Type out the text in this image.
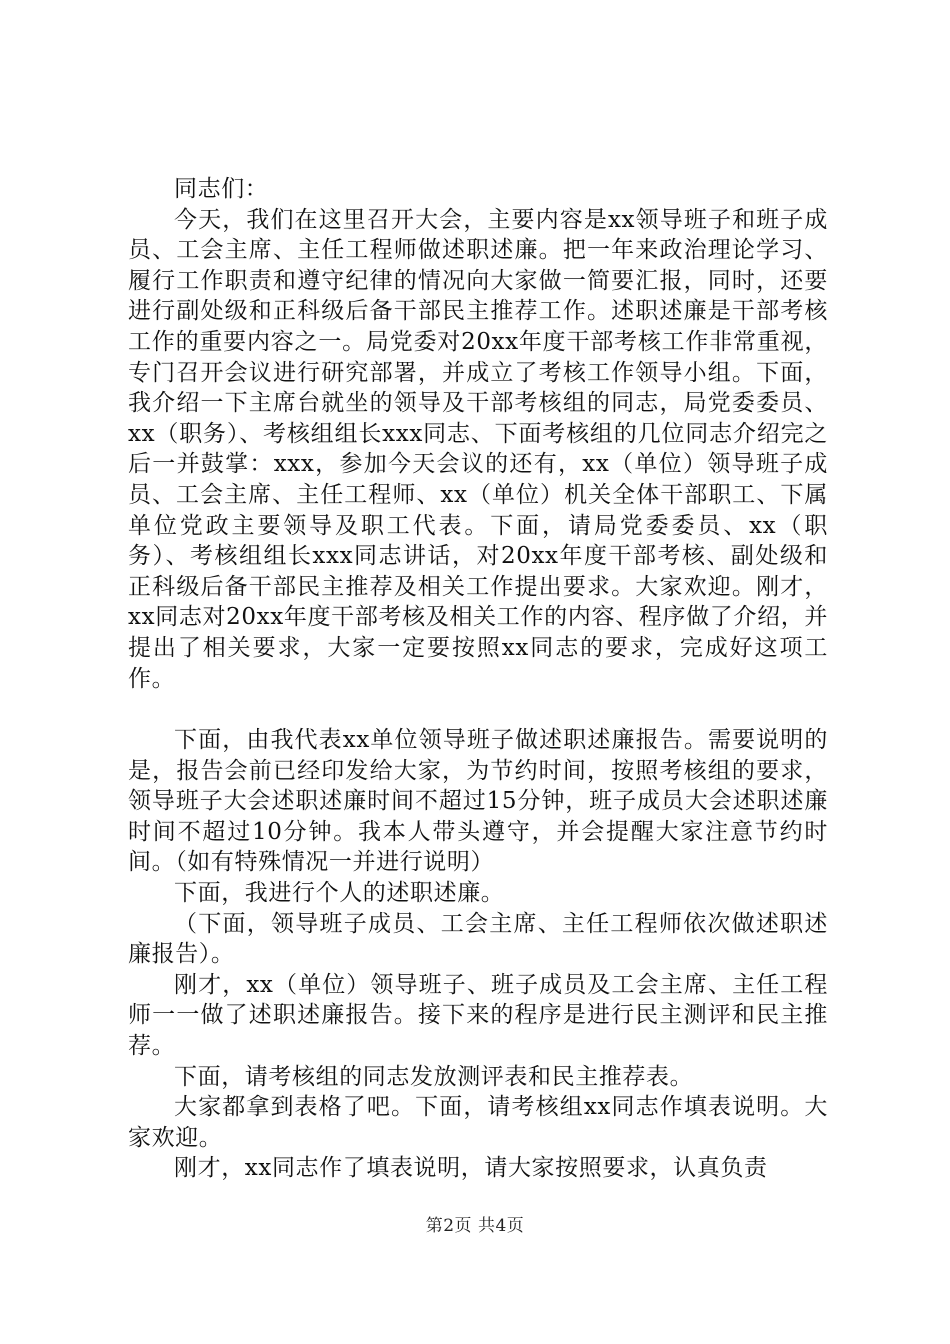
同志们：

今天，我们在这里召开大会，主要内容是xx领导班子和班子成员、工会主席、主任工程师做述职述廉。把一年来政治理论学习、履行工作职责和遵守纪律的情况向大家做一简要汇报，同时，还要进行副处级和正科级后备干部民主推荐工作。述职述廉是干部考核工作的重要内容之一。局党委对20xx年度干部考核工作非常重视，专门召开会议进行研究部署，并成立了考核工作领导小组。下面，我介绍一下主席台就坐的领导及干部考核组的同志，局党委委员、xx（职务）、考核组组长xxx同志、下面考核组的几位同志介绍完之后一并鼓掌：xxx，参加今天会议的还有，xx（单位）领导班子成员、工会主席、主任工程师、xx（单位）机关全体干部职工、下属单位党政主要领导及职工代表。下面，请局党委委员、xx（职务）、考核组组长xxx同志讲话，对20xx年度干部考核、副处级和正科级后备干部民主推荐及相关工作提出要求。大家欢迎。刚才，xx同志对20xx年度干部考核及相关工作的内容、程序做了介绍，并提出了相关要求，大家一定要按照xx同志的要求，完成好这项工作。

下面，由我代表xx单位领导班子做述职述廉报告。需要说明的是，报告会前已经印发给大家，为节约时间，按照考核组的要求，领导班子大会述职述廉时间不超过15分钟，班子成员大会述职述廉时间不超过10分钟。我本人带头遵守，并会提醒大家注意节约时间。（如有特殊情况一并进行说明）

下面，我进行个人的述职述廉。

（下面，领导班子成员、工会主席、主任工程师依次做述职述廉报告）。

刚才，xx（单位）领导班子、班子成员及工会主席、主任工程师一一做了述职述廉报告。接下来的程序是进行民主测评和民主推荐。

下面，请考核组的同志发放测评表和民主推荐表。

大家都拿到表格了吧。下面，请考核组xx同志作填表说明。大家欢迎。

刚才，xx同志作了填表说明，请大家按照要求，认真负责

第2页 共4页
